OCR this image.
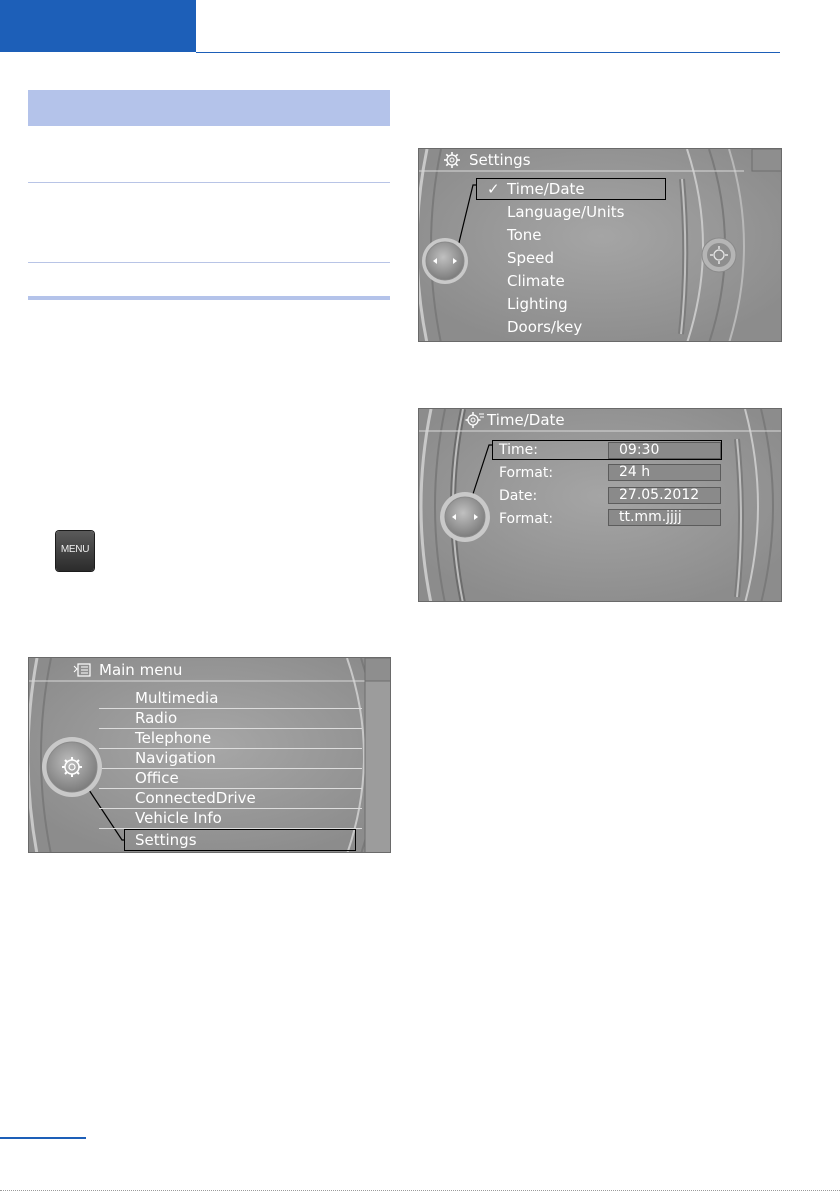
MENU
Main menu
Multimedia
Radio
Telephone
Navigation
Office
ConnectedDrive
Vehicle Info
Settings
Settings
✓ Time/Date
Language/Units
Tone
Speed
Climate
Lighting
Doors/key
Time/Date
Time:	09:30
Format:	24 h
Date:	27.05.2012
Format:	tt.mm.jjjj
